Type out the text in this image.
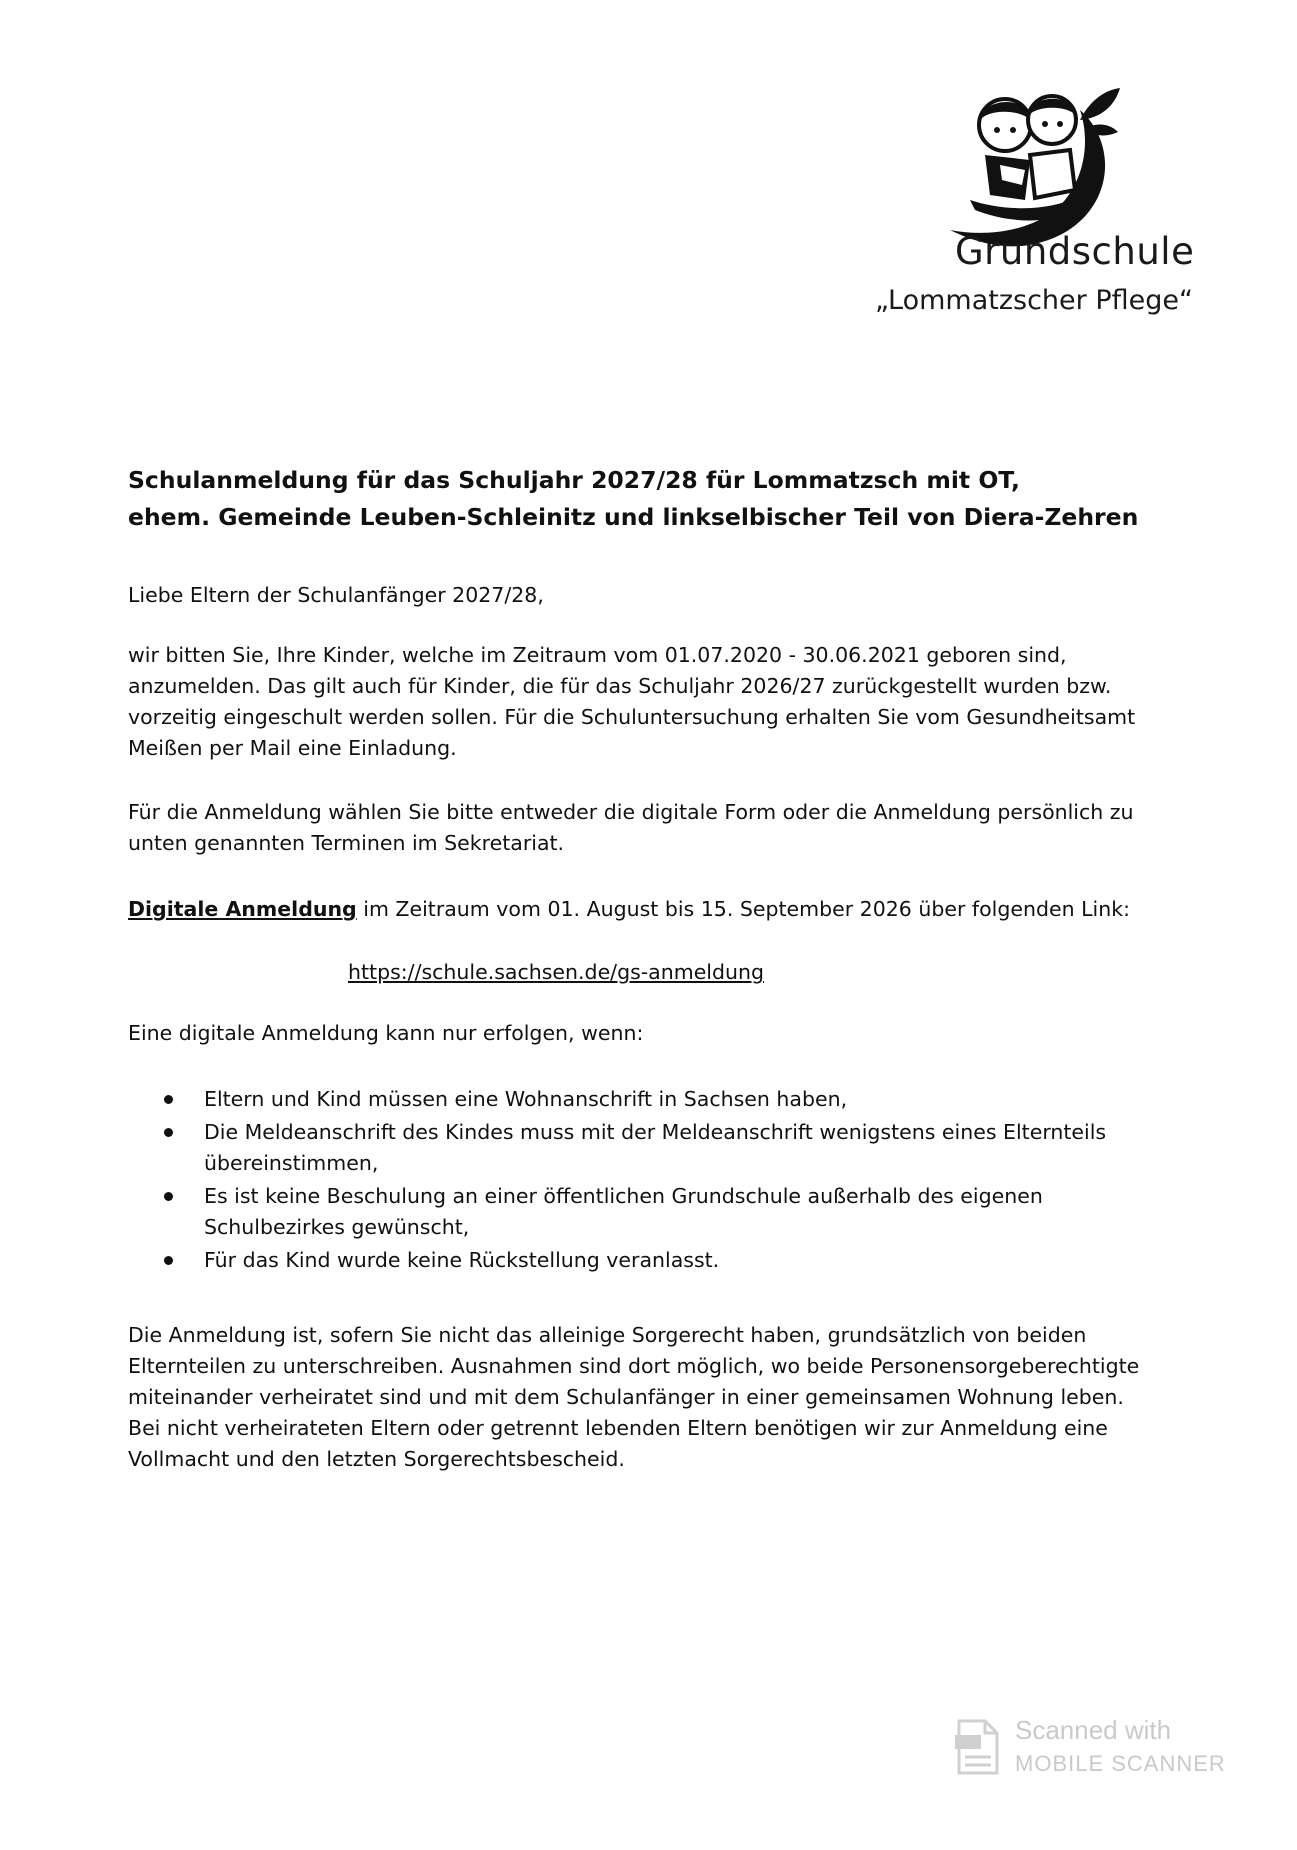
Grundschule
„Lommatzscher Pflege“
Schulanmeldung für das Schuljahr 2027/28 für Lommatzsch mit OT,
ehem. Gemeinde Leuben-Schleinitz und linkselbischer Teil von Diera-Zehren

Liebe Eltern der Schulanfänger 2027/28,

wir bitten Sie, Ihre Kinder, welche im Zeitraum vom 01.07.2020 - 30.06.2021 geboren sind, anzumelden. Das gilt auch für Kinder, die für das Schuljahr 2026/27 zurückgestellt wurden bzw. vorzeitig eingeschult werden sollen. Für die Schuluntersuchung erhalten Sie vom Gesundheitsamt Meißen per Mail eine Einladung.

Für die Anmeldung wählen Sie bitte entweder die digitale Form oder die Anmeldung persönlich zu unten genannten Terminen im Sekretariat.

Digitale Anmeldung im Zeitraum vom 01. August bis 15. September 2026 über folgenden Link:

https://schule.sachsen.de/gs-anmeldung

Eine digitale Anmeldung kann nur erfolgen, wenn:

Eltern und Kind müssen eine Wohnanschrift in Sachsen haben,
Die Meldeanschrift des Kindes muss mit der Meldeanschrift wenigstens eines Elternteils übereinstimmen,
Es ist keine Beschulung an einer öffentlichen Grundschule außerhalb des eigenen Schulbezirkes gewünscht,
Für das Kind wurde keine Rückstellung veranlasst.

Die Anmeldung ist, sofern Sie nicht das alleinige Sorgerecht haben, grundsätzlich von beiden
Elternteilen zu unterschreiben. Ausnahmen sind dort möglich, wo beide Personensorgeberechtigte
miteinander verheiratet sind und mit dem Schulanfänger in einer gemeinsamen Wohnung leben.
Bei nicht verheirateten Eltern oder getrennt lebenden Eltern benötigen wir zur Anmeldung eine
Vollmacht und den letzten Sorgerechtsbescheid.

Scanned with
MOBILE SCANNER
